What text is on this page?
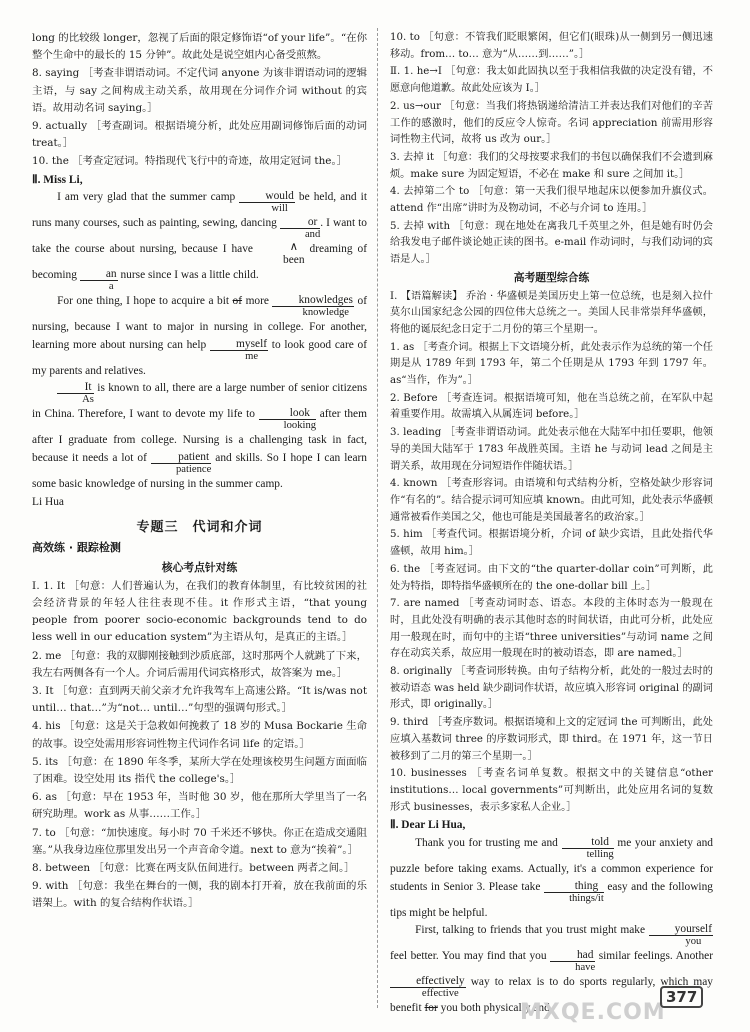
long 的比较级 longer，忽视了后面的限定修饰语“of your life”。“在你整个生命中的最长的 15 分钟”。故此处是说空姐内心备受煎熬。

8. saying ［考查非谓语动词。不定代词 anyone 为该非谓语动词的逻辑主语，与 say 之间构成主动关系，故用现在分词作介词 without 的宾语。故用动名词 saying。］

9. actually ［考查副词。根据语境分析，此处应用副词修饰后面的动词 treat。］

10. the ［考查定冠词。特指现代飞行中的奇迹，故用定冠词 the。］

Ⅱ. Miss Li,

I am very glad that the summer camp	would
will
be held, and it runs many courses, such as painting, sewing, dancing	or
and
. I want to take the course about nursing, because I have	∧
been
dreaming of becoming $\frac{an}{a}$ nurse since I was a little child.

For one thing, I hope to acquire a bit of more	knowledges
knowledge
of nursing, because I want to major in nursing in college. For another, learning more about nursing can help	myself
me
to look good care of my parents and relatives.

$\frac{It}{As}$ is known to all, there are a large number of senior citizens in China. Therefore, I want to devote my life to	look
looking
after them after I graduate from college. Nursing is a challenging task in fact, because it needs a lot of	patient
patience
and skills. So I hope I can learn some basic knowledge of nursing in the summer camp.

Li Hua

专题三　代词和介词
高效练 · 跟踪检测
核心考点针对练

Ⅰ. 1. It ［句意：人们普遍认为，在我们的教育体制里，有比较贫困的社会经济背景的年轻人往往表现不佳。it 作形式主语，“that young people from poorer socio-economic backgrounds tend to do less well in our education system”为主语从句，是真正的主语。］

2. me ［句意：我的双脚刚接触到沙质底部，这时那两个人就跳了下来，我左右两侧各有一个人。介词后需用代词宾格形式，故答案为 me。］

3. It ［句意：直到两天前父亲才允许我驾车上高速公路。“It is/was not until… that…”为“not… until…”句型的强调句形式。］

4. his ［句意：这是关于急救如何挽救了 18 岁的 Musa Bockarie 生命的故事。设空处需用形容词性物主代词作名词 life 的定语。］

5. its ［句意：在 1890 年冬季，某所大学在处理该校男生问题方面面临了困难。设空处用 its 指代 the college's。］

6. as ［句意：早在 1953 年，当时他 30 岁，他在那所大学里当了一名研究助理。work as 从事……工作。］

7. to ［句意：“加快速度。每小时 70 千米还不够快。你正在造成交通阻塞。”从我身边座位那里发出另一个声音命令道。next to 意为“挨着”。］

8. between ［句意：比赛在两支队伍间进行。between 两者之间。］

9. with ［句意：我坐在舞台的一侧，我的剧本打开着，放在我前面的乐谱架上。with 的复合结构作状语。］

10. to ［句意：不管我们眨眼繁闲，但它们(眼珠)从一侧到另一侧迅速移动。from… to… 意为“从……到……”。］

Ⅱ. 1. he→I ［句意：我太如此固执以至于我相信我做的决定没有错，不愿意向他道歉。故此处应该为 I。］

2. us→our ［句意：当我们将热锅递给清洁工并表达我们对他们的辛苦工作的感激时，他们的反应令人惊奇。名词 appreciation 前需用形容词性物主代词，故将 us 改为 our。］

3. 去掉 it ［句意：我们的父母按要求我们的书包以确保我们不会遗到麻烦。make sure 为固定短语，不必在 make 和 sure 之间加 it。］

4. 去掉第二个 to ［句意：第一天我们很早地起床以便参加升旗仪式。attend 作“出席”讲时为及物动词，不必与介词 to 连用。］

5. 去掉 with ［句意：现在地处在离我几千英里之外，但是她有时仍会给我发电子邮件谈论她正读的图书。e-mail 作动词时，与我们动词的宾语是人。］

高考题型综合练

Ⅰ. 【语篇解读】 乔治 · 华盛顿是美国历史上第一位总统，也是刻入拉什莫尔山国家纪念公园的四位伟大总统之一。美国人民非常崇拜华盛顿，将他的诞辰纪念日定于二月份的第三个星期一。

1. as ［考查介词。根据上下文语境分析，此处表示作为总统的第一个任期是从 1789 年到 1793 年，第二个任期是从 1793 年到 1797 年。as“当作，作为”。］

2. Before ［考查连词。根据语境可知，他在当总统之前，在军队中起着重要作用。故需填入从属连词 before。］

3. leading ［考查非谓语动词。此处表示他在大陆军中扣任要职，他领导的美国大陆军于 1783 年战胜英国。主语 he 与动词 lead 之间是主谓关系，故用现在分词短语作伴随状语。］

4. known ［考查形容词。由语境和句式结构分析，空格处缺少形容词作“有名的”。结合提示词可知应填 known。由此可知，此处表示华盛顿通常被看作美国之父，他也可能是美国最著名的政治家。］

5. him ［考查代词。根据语境分析，介词 of 缺少宾语，且此处指代华盛顿，故用 him。］

6. the ［考查冠词。由下文的“the quarter-dollar coin”可判断，此处为特指，即特指华盛顿所在的 the one-dollar bill 上。］

7. are named ［考查动词时态、语态。本段的主体时态为一般现在时，且此处没有明确的表示其他时态的时间状语，由此可分析，此处应用一般现在时，而句中的主语“three universities”与动词 name 之间存在动宾关系，故应用一般现在时的被动语态，即 are named。］

8. originally ［考查词形转换。由句子结构分析，此处的一般过去时的被动语态 was held 缺少副词作状语，故应填入形容词 original 的副词形式，即 originally。］

9. third ［考查序数词。根据语境和上文的定冠词 the 可判断出，此处应填入基数词 three 的序数词形式，即 third。在 1971 年，这一节日被移到了二月的第三个星期一。］

10. businesses ［考查名词单复数。根据文中的关键信息“other institutions… local governments”可判断出，此处应用名词的复数形式 businesses，表示多家私人企业。］

Ⅱ. Dear Li Hua,

Thank you for trusting me and	told
telling
me your anxiety and puzzle before taking exams. Actually, it's a common experience for students in Senior 3. Please take	thing
things/it
easy and the following tips might be helpful.

First, talking to friends that you trust might make	yourself
you
feel better. You may find that you	had
have
similar feelings. Another
effectively
effective
way to relax is to do sports regularly, which may benefit for you both physically and

MXQE.COM
377
